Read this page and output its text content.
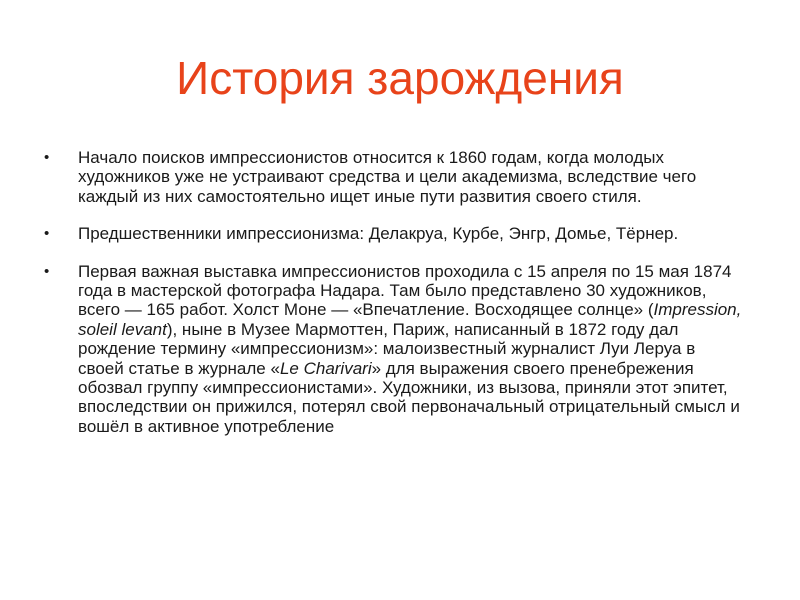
История зарождения
• Начало поисков импрессионистов относится к 1860 годам, когда молодых художников уже не устраивают средства и цели академизма, вследствие чего каждый из них самостоятельно ищет иные пути развития своего стиля.
• Предшественники импрессионизма: Делакруа, Курбе, Энгр, Домье, Тёрнер.
• Первая важная выставка импрессионистов проходила с 15 апреля по 15 мая 1874 года в мастерской фотографа Надара. Там было представлено 30 художников, всего — 165 работ. Холст Моне — «Впечатление. Восходящее солнце» (Impression, soleil levant), ныне в Музее Мармоттен, Париж, написанный в 1872 году дал рождение термину «импрессионизм»: малоизвестный журналист Луи Леруа в своей статье в журнале «Le Charivari» для выражения своего пренебрежения обозвал группу «импрессионистами». Художники, из вызова, приняли этот эпитет, впоследствии он прижился, потерял свой первоначальный отрицательный смысл и вошёл в активное употребление
